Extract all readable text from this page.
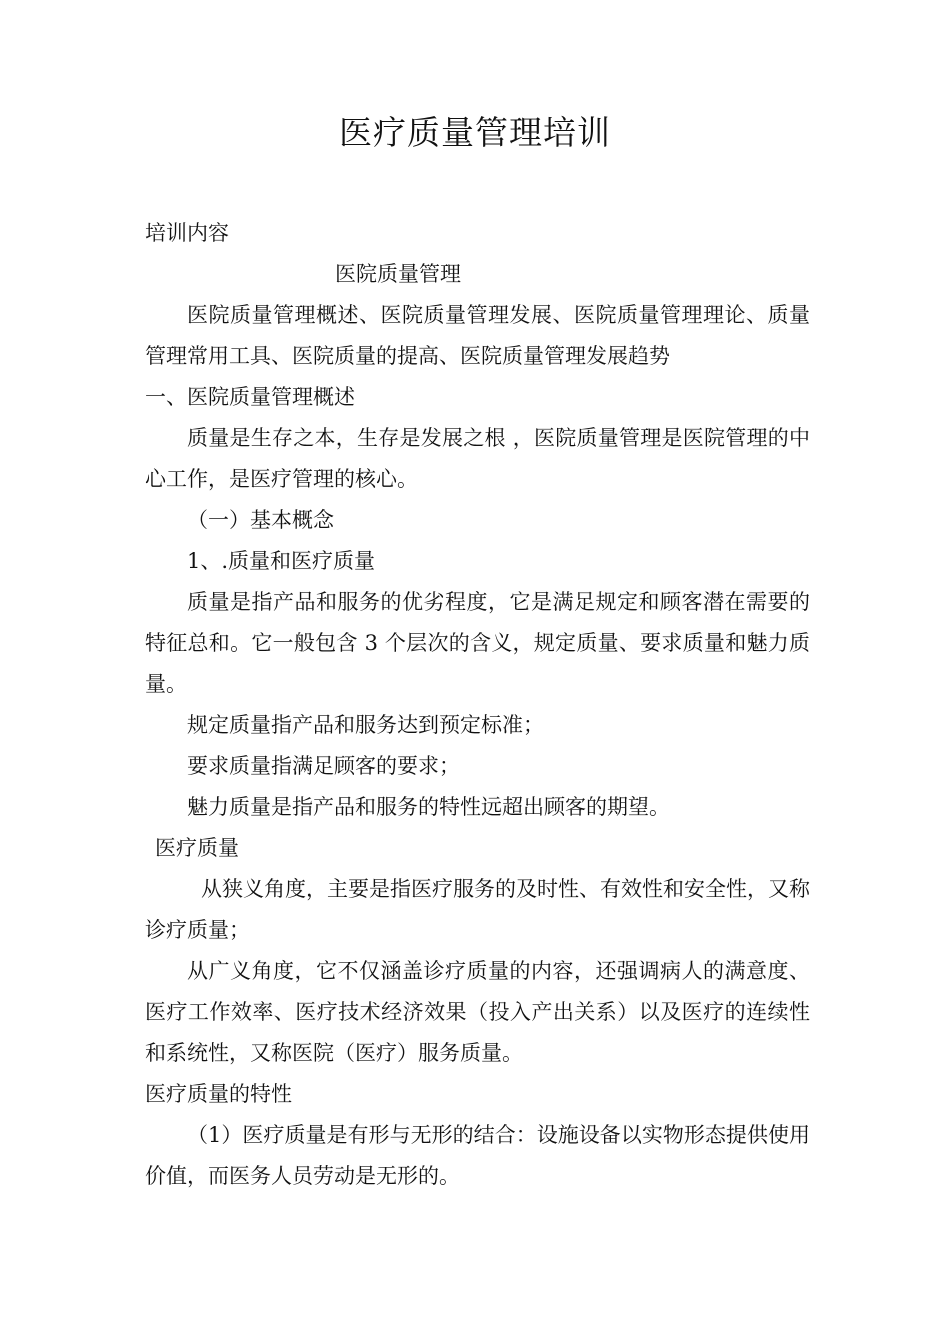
医疗质量管理培训

培训内容

医院质量管理

医院质量管理概述、医院质量管理发展、医院质量管理理论、质量管理常用工具、医院质量的提高、医院质量管理发展趋势

一、医院质量管理概述

质量是生存之本，生存是发展之根 ，医院质量管理是医院管理的中心工作，是医疗管理的核心。

（一）基本概念

1、.质量和医疗质量

质量是指产品和服务的优劣程度，它是满足规定和顾客潜在需要的特征总和。它一般包含 3 个层次的含义，规定质量、要求质量和魅力质量。

规定质量指产品和服务达到预定标准；

要求质量指满足顾客的要求；

魅力质量是指产品和服务的特性远超出顾客的期望。

医疗质量

从狭义角度，主要是指医疗服务的及时性、有效性和安全性，又称诊疗质量；

从广义角度，它不仅涵盖诊疗质量的内容，还强调病人的满意度、医疗工作效率、医疗技术经济效果（投入产出关系）以及医疗的连续性和系统性，又称医院（医疗）服务质量。

医疗质量的特性

（1）医疗质量是有形与无形的结合：设施设备以实物形态提供使用价值，而医务人员劳动是无形的。
